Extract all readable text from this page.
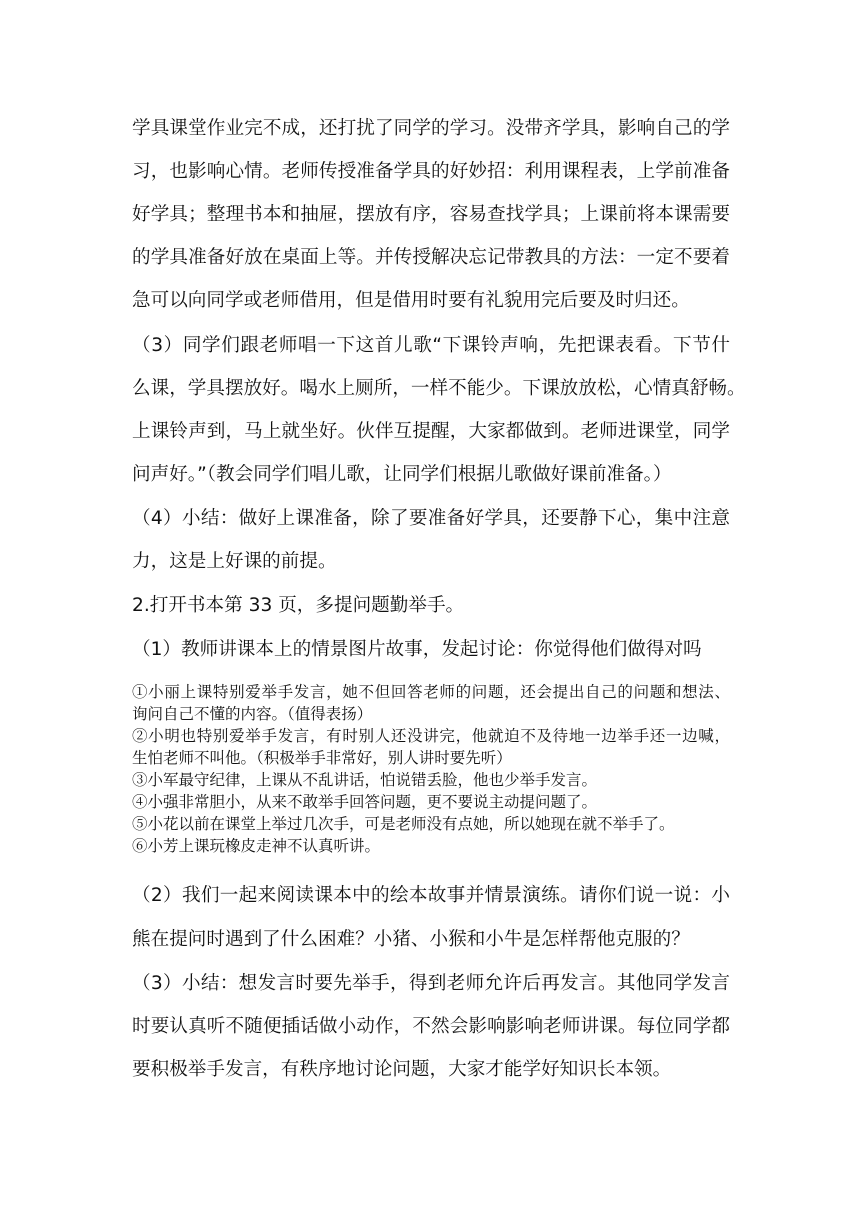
学具课堂作业完不成，还打扰了同学的学习。没带齐学具，影响自己的学
习，也影响心情。老师传授准备学具的好妙招：利用课程表，上学前准备
好学具；整理书本和抽屉，摆放有序，容易查找学具；上课前将本课需要
的学具准备好放在桌面上等。并传授解决忘记带教具的方法：一定不要着
急可以向同学或老师借用，但是借用时要有礼貌用完后要及时归还。
（3）同学们跟老师唱一下这首儿歌“下课铃声响，先把课表看。下节什
么课，学具摆放好。喝水上厕所，一样不能少。下课放放松，心情真舒畅。
上课铃声到，马上就坐好。伙伴互提醒，大家都做到。老师进课堂，同学
问声好。”（教会同学们唱儿歌，让同学们根据儿歌做好课前准备。）
（4）小结：做好上课准备，除了要准备好学具，还要静下心，集中注意
力，这是上好课的前提。
2.打开书本第 33 页，多提问题勤举手。
（1）教师讲课本上的情景图片故事，发起讨论：你觉得他们做得对吗
①小丽上课特别爱举手发言，她不但回答老师的问题，还会提出自己的问题和想法、
询问自己不懂的内容。（值得表扬）
②小明也特别爱举手发言，有时别人还没讲完，他就迫不及待地一边举手还一边喊，
生怕老师不叫他。（积极举手非常好，别人讲时要先听）
③小军最守纪律，上课从不乱讲话，怕说错丢脸，他也少举手发言。
④小强非常胆小，从来不敢举手回答问题，更不要说主动提问题了。
⑤小花以前在课堂上举过几次手，可是老师没有点她，所以她现在就不举手了。
⑥小芳上课玩橡皮走神不认真听讲。
（2）我们一起来阅读课本中的绘本故事并情景演练。请你们说一说：小
熊在提问时遇到了什么困难？小猪、小猴和小牛是怎样帮他克服的？
（3）小结：想发言时要先举手，得到老师允许后再发言。其他同学发言
时要认真听不随便插话做小动作，不然会影响影响老师讲课。每位同学都
要积极举手发言，有秩序地讨论问题，大家才能学好知识长本领。
